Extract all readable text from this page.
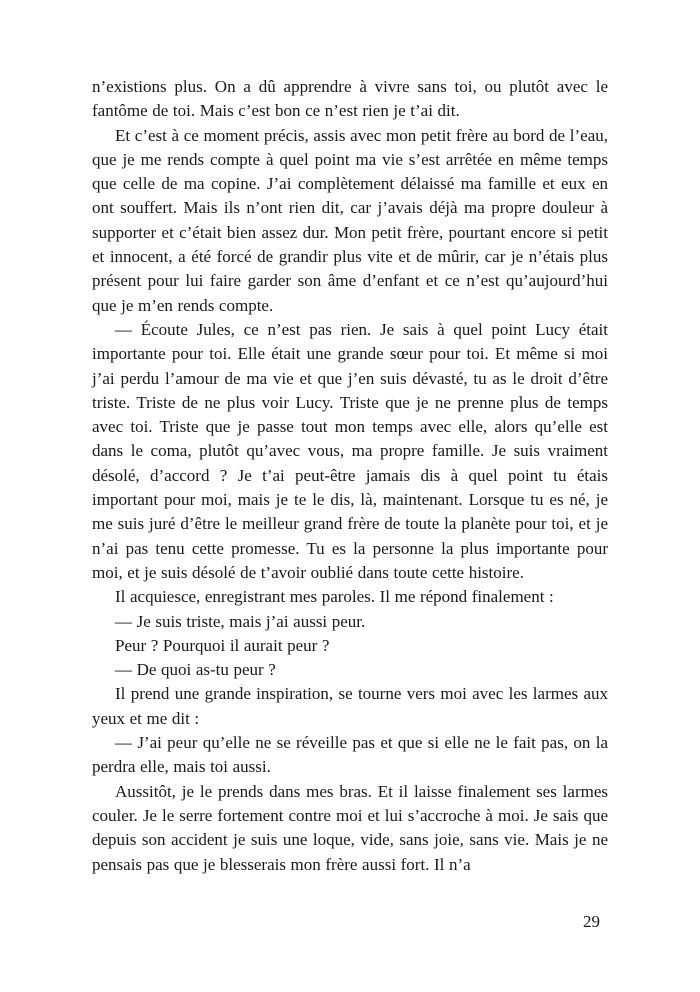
n’existions plus. On a dû apprendre à vivre sans toi, ou plutôt avec le fantôme de toi. Mais c’est bon ce n’est rien je t’ai dit.

Et c’est à ce moment précis, assis avec mon petit frère au bord de l’eau, que je me rends compte à quel point ma vie s’est arrêtée en même temps que celle de ma copine. J’ai complètement délaissé ma famille et eux en ont souffert. Mais ils n’ont rien dit, car j’avais déjà ma propre douleur à supporter et c’était bien assez dur. Mon petit frère, pourtant encore si petit et innocent, a été forcé de grandir plus vite et de mûrir, car je n’étais plus présent pour lui faire garder son âme d’enfant et ce n’est qu’aujourd’hui que je m’en rends compte.

— Écoute Jules, ce n’est pas rien. Je sais à quel point Lucy était importante pour toi. Elle était une grande sœur pour toi. Et même si moi j’ai perdu l’amour de ma vie et que j’en suis dévasté, tu as le droit d’être triste. Triste de ne plus voir Lucy. Triste que je ne prenne plus de temps avec toi. Triste que je passe tout mon temps avec elle, alors qu’elle est dans le coma, plutôt qu’avec vous, ma propre famille. Je suis vraiment désolé, d’accord ? Je t’ai peut-être jamais dis à quel point tu étais important pour moi, mais je te le dis, là, maintenant. Lorsque tu es né, je me suis juré d’être le meilleur grand frère de toute la planète pour toi, et je n’ai pas tenu cette promesse. Tu es la personne la plus importante pour moi, et je suis désolé de t’avoir oublié dans toute cette histoire.

Il acquiesce, enregistrant mes paroles. Il me répond finalement :

— Je suis triste, mais j’ai aussi peur.

Peur ? Pourquoi il aurait peur ?

— De quoi as-tu peur ?

Il prend une grande inspiration, se tourne vers moi avec les larmes aux yeux et me dit :

— J’ai peur qu’elle ne se réveille pas et que si elle ne le fait pas, on la perdra elle, mais toi aussi.

Aussitôt, je le prends dans mes bras. Et il laisse finalement ses larmes couler. Je le serre fortement contre moi et lui s’accroche à moi. Je sais que depuis son accident je suis une loque, vide, sans joie, sans vie. Mais je ne pensais pas que je blesserais mon frère aussi fort. Il n’a

29
